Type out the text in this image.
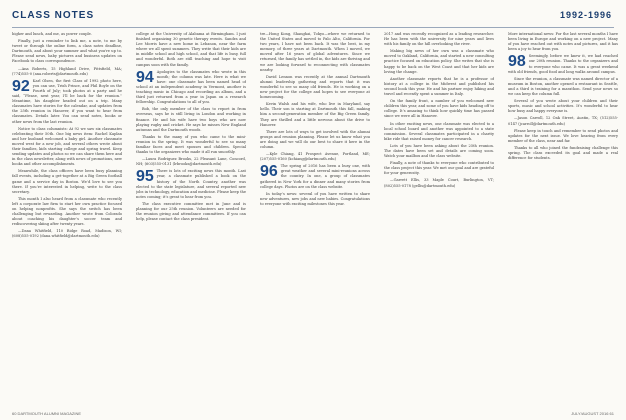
CLASS NOTES	1992-1996

higher and lunch, and me, as power couple.

Finally, just a reminder to link me, a note, to me by tweet or through the online form, a class notes deadline, Dartmouth, and about your summer and what you're up to. Please send news, baby pictures and business updates on Facebook to class correspondence.

—Ana Roberts, 15 Highland Drive, Pittsfield, MA; (774)555-0 (ana.roberts@dartmouth.edu)

92 Karl Olsen, the first Class of 1992 photo here, you can use, Trish Prince, and Phil Boyle on the Fourth of July; took photos at a party and he said, “Please, next year, I’ll be back for the reunion.” Meantime, his daughter headed out on a trip. Many classmates have stories for the calendar, and updates from the 25th reunion in Hanover, if you want to hear from classmates. Details later. You can send notes, books or other news from the last reunion.

Notice to class columnists: At 92 we saw six classmates celebrating their 50th. One big news item: Rachel Kaplan and her husband welcomed a baby girl. Another classmate moved west for a new job, and several others wrote about their families, kids starting college and spring travel. Keep sending updates and photos so we can share them here and in the class newsletter, along with news of promotions, new books and other accomplishments.

Meanwhile, the class officers have been busy planning fall events, including a get-together at a Big Green football game and a service day in Boston. We’d love to see you there. If you’re interested in helping, write to the class secretary.

This month I also heard from a classmate who recently left a corporate law firm to start her own practice focused on helping nonprofits. She says the switch has been challenging but rewarding. Another wrote from Colorado about coaching his daughter’s soccer team and rediscovering skiing after twenty years.

—Dana Whitfield, 110 Ridge Road, Madison, WI; (608)555-0192 (dana.whitfield@dartmouth.edu)

college at the University of Alabama at Birmingham. I just finished organizing 30 genetic therapy events. Sandra and Lee Morris have a new home in Lebanon, near the farm where we all spent summers. They write that their kids are in middle school and high school, and that life is busy, full and wonderful. Both are still teaching and hope to visit campus soon with the family.

94 Apologies to the classmates who wrote in this month; the column was late. Here is what we have: one classmate has been named head of school at an independent academy in Vermont, another is teaching music in Chicago and recording an album, and a third just returned from a year in Japan on a research fellowship. Congratulations to all of you.

Bob, the only member of the class to report in from overseas, says he is still living in London and working in finance. He and his wife have two boys who are now playing rugby and cricket. He says he misses New England autumns and the Dartmouth woods.

Thanks to the many of you who came to the mini-reunion in the spring. It was wonderful to see so many familiar faces and meet spouses and children. Special thanks to the organizers who made it all run smoothly.

—Laura Rodriguez Brooks, 22 Pleasant Lane, Concord, NH; (603)555-0131 (lrbrooks@dartmouth.edu)

95 There is lots of exciting news this month. Last year, a classmate published a book on the history of the North Country, another was elected to the state legislature, and several reported new jobs in technology, education and medicine. Please keep the notes coming; it’s great to hear from you.

The class executive committee met in June and is planning for our 25th reunion. Volunteers are needed for the reunion giving and attendance committees. If you can help, please contact the class president.

tre—Hong Kong, Shanghai, Tokyo—where we returned to the United States and moved to Palo Alto, California. For two years, I have not been back. It was the best, in my memory, of three years at Dartmouth. When I moved, we moved after 16 years of global adventures. Since we returned, the family has settled in, the kids are thriving and we are looking forward to reconnecting with classmates nearby.

David Lennon was recently at the annual Dartmouth alumni leadership gathering and reports that it was wonderful to see so many old friends. He is working on a new project for the college and hopes to see everyone at homecoming.

Kevin Walsh and his wife, who live in Maryland, say hello. Their son is starting at Dartmouth this fall, making him a second-generation member of the Big Green family. They are thrilled and a little nervous about the drive to Hanover.

There are lots of ways to get involved with the alumni groups and reunion planning. Please let us know what you are doing and we will do our best to share it here in the column.

—Kyle Chiang, 41 Prospect Avenue, Portland, ME; (207)555-0160 (kchiang@dartmouth.edu)

96 The spring of 2016 has been a busy one, with great weather and several mini-reunions across the country. In one, a group of classmates gathered in New York for a dinner and many stories from college days. Photos are on the class website.

In today’s news: several of you have written to share new adventures, new jobs and new babies. Congratulations to everyone with exciting milestones this year.

2017 and was recently recognized as a leading researcher. He has been with the university for nine years and lives with his family on the hill overlooking the river.

Making big news of her own was a classmate who moved to Oakland, California, and started a new consulting practice focused on education policy. She writes that she is happy to be back on the West Coast and that her kids are loving the change.

Another classmate reports that he is a professor of history at a college in the Midwest and published his second book this year. He and his partner enjoy hiking and travel and recently spent a summer in Italy.

On the family front, a number of you welcomed new children this year, and some of you have kids heading off to college. It’s amazing to think how quickly time has passed since we were all in Hanover.

In other exciting news, one classmate was elected to a local school board and another was appointed to a state commission. Several classmates participated in a charity bike ride that raised money for cancer research.

Lots of you have been asking about the 25th reunion. The dates have been set and details are coming soon. Watch your mailbox and the class website.

Finally, a note of thanks to everyone who contributed to the class project this year. We met our goal and are grateful for your generosity.

—Garrett Ellis, 33 Maple Court, Burlington, VT; (802)555-0178 (gellis@dartmouth.edu)

More international news: For the last several months I have been living in Europe and working on a new project. Many of you have reached out with notes and pictures, and it has been a joy to hear from you.

98 Seemingly, before we knew it, we had reached our 20th reunion. Thanks to the organizers and to everyone who came. It was a great weekend with old friends, good food and long walks around campus.

Since the reunion, a classmate was named director of a museum in Boston, another opened a restaurant in Seattle, and a third is training for a marathon. Send your news so we can keep the column full.

Several of you wrote about your children and their sports, music and school activities. It’s wonderful to hear how busy and happy everyone is.

—Jason Carroll, 12 Oak Street, Austin, TX; (512)555-0147 (jcarroll@dartmouth.edu)

Please keep in touch and remember to send photos and updates for the next issue. We love hearing from every member of the class, near and far.

Thanks to all who joined the fundraising challenge this spring. The class exceeded its goal and made a real difference for students.

60 DARTMOUTH ALUMNI MAGAZINE	JULY/AUGUST 2016 61
